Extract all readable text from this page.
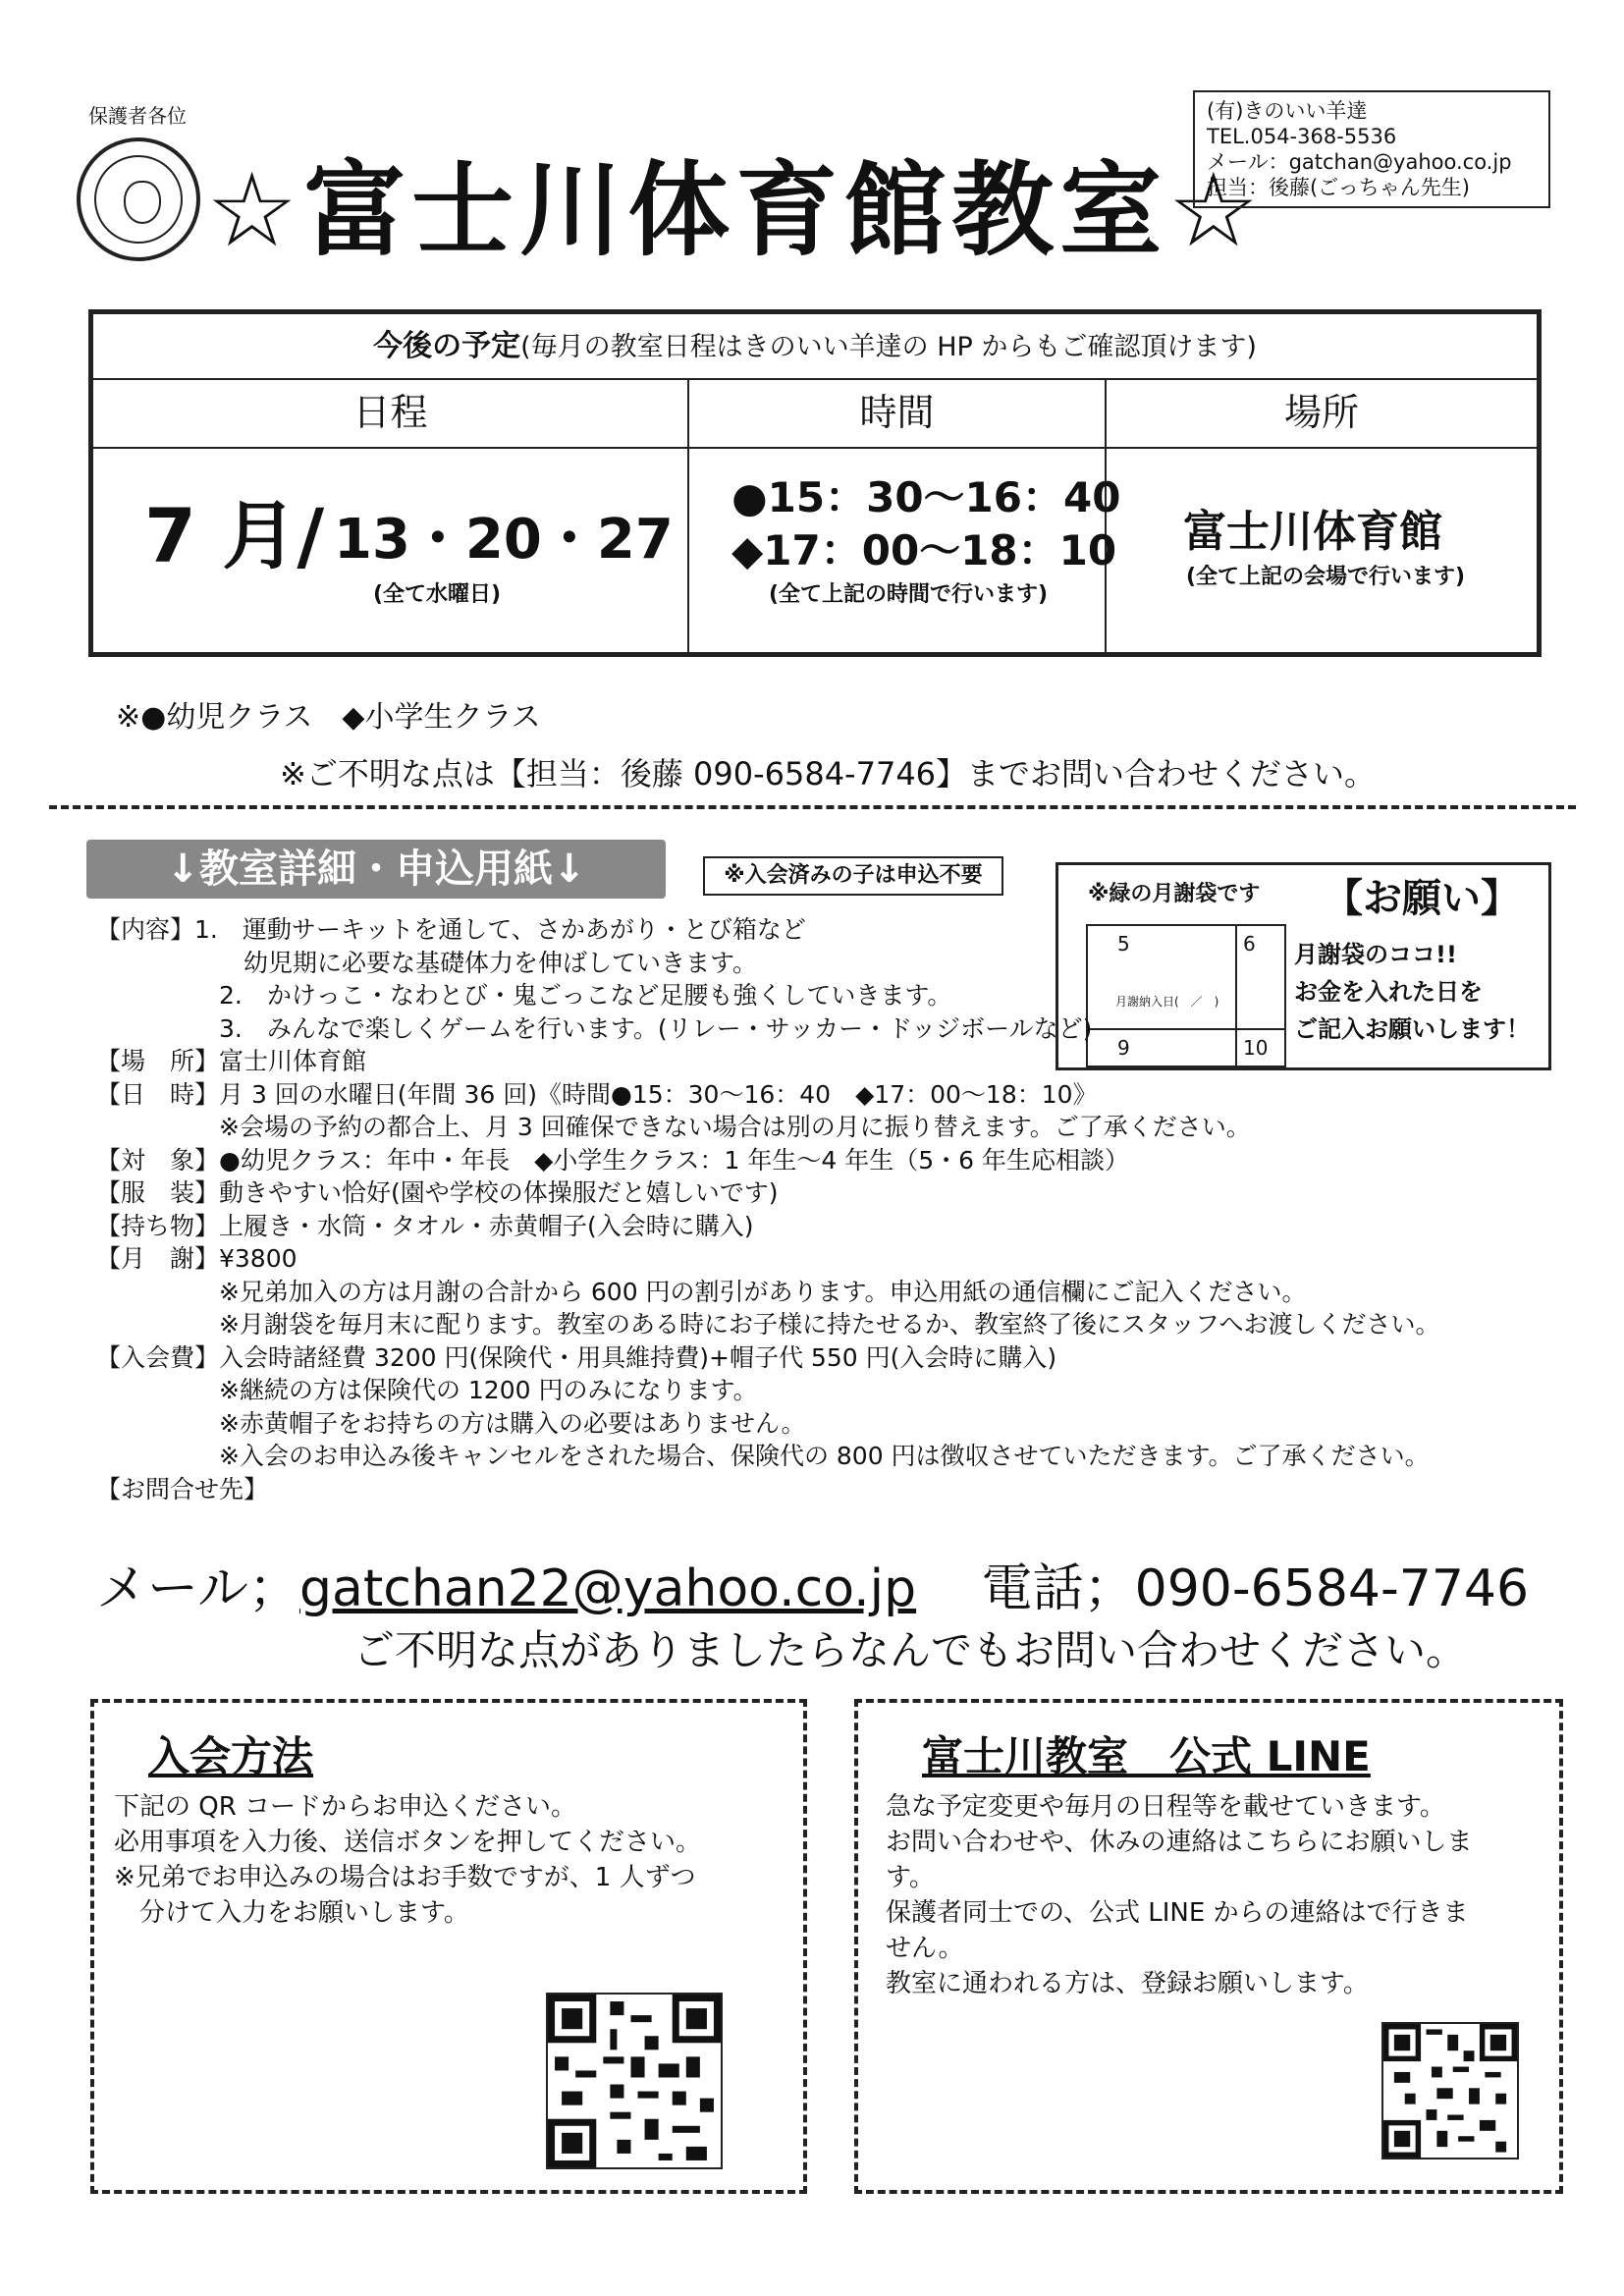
保護者各位
☆富士川体育館教室☆
(有)きのいい羊達
TEL.054-368-5536
メール：gatchan@yahoo.co.jp
担当：後藤(ごっちゃん先生)
今後の予定(毎月の教室日程はきのいい羊達の HP からもご確認頂けます)
日程	時間	場所
7 月/ 13・20・27
(全て水曜日)
●15：30〜16：40
◆17：00〜18：10
(全て上記の時間で行います)
富士川体育館
(全て上記の会場で行います)
※●幼児クラス　◆小学生クラス
※ご不明な点は【担当：後藤 090-6584-7746】までお問い合わせください。
↓教室詳細・申込用紙↓	※入会済みの子は申込不要
※緑の月謝袋です 【お願い】
5	6
9	10
月謝納入日(　／　)
月謝袋のココ!!
お金を入れた日を
ご記入お願いします！
【内容】1.　運動サーキットを通して、さかあがり・とび箱など
　　　　　　幼児期に必要な基礎体力を伸ばしていきます。
　　　　　2.　かけっこ・なわとび・鬼ごっこなど足腰も強くしていきます。
　　　　　3.　みんなで楽しくゲームを行います。(リレー・サッカー・ドッジボールなど)
【場　所】富士川体育館
【日　時】月 3 回の水曜日(年間 36 回)《時間●15：30〜16：40　◆17：00〜18：10》
　　　　　※会場の予約の都合上、月 3 回確保できない場合は別の月に振り替えます。ご了承ください。
【対　象】●幼児クラス：年中・年長　◆小学生クラス：1 年生〜4 年生（5・6 年生応相談）
【服　装】動きやすい恰好(園や学校の体操服だと嬉しいです)
【持ち物】上履き・水筒・タオル・赤黄帽子(入会時に購入)
【月　謝】¥3800
　　　　　※兄弟加入の方は月謝の合計から 600 円の割引があります。申込用紙の通信欄にご記入ください。
　　　　　※月謝袋を毎月末に配ります。教室のある時にお子様に持たせるか、教室終了後にスタッフへお渡しください。
【入会費】入会時諸経費 3200 円(保険代・用具維持費)+帽子代 550 円(入会時に購入)
　　　　　※継続の方は保険代の 1200 円のみになります。
　　　　　※赤黄帽子をお持ちの方は購入の必要はありません。
　　　　　※入会のお申込み後キャンセルをされた場合、保険代の 800 円は徴収させていただきます。ご了承ください。
【お問合せ先】
メール；gatchan22@yahoo.co.jp 電話；090-6584-7746
ご不明な点がありましたらなんでもお問い合わせください。
入会方法
下記の QR コードからお申込ください。
必用事項を入力後、送信ボタンを押してください。
※兄弟でお申込みの場合はお手数ですが、1 人ずつ
　分けて入力をお願いします。
富士川教室　公式 LINE
急な予定変更や毎月の日程等を載せていきます。
お問い合わせや、休みの連絡はこちらにお願いしま
す。
保護者同士での、公式 LINE からの連絡はで行きま
せん。
教室に通われる方は、登録お願いします。
